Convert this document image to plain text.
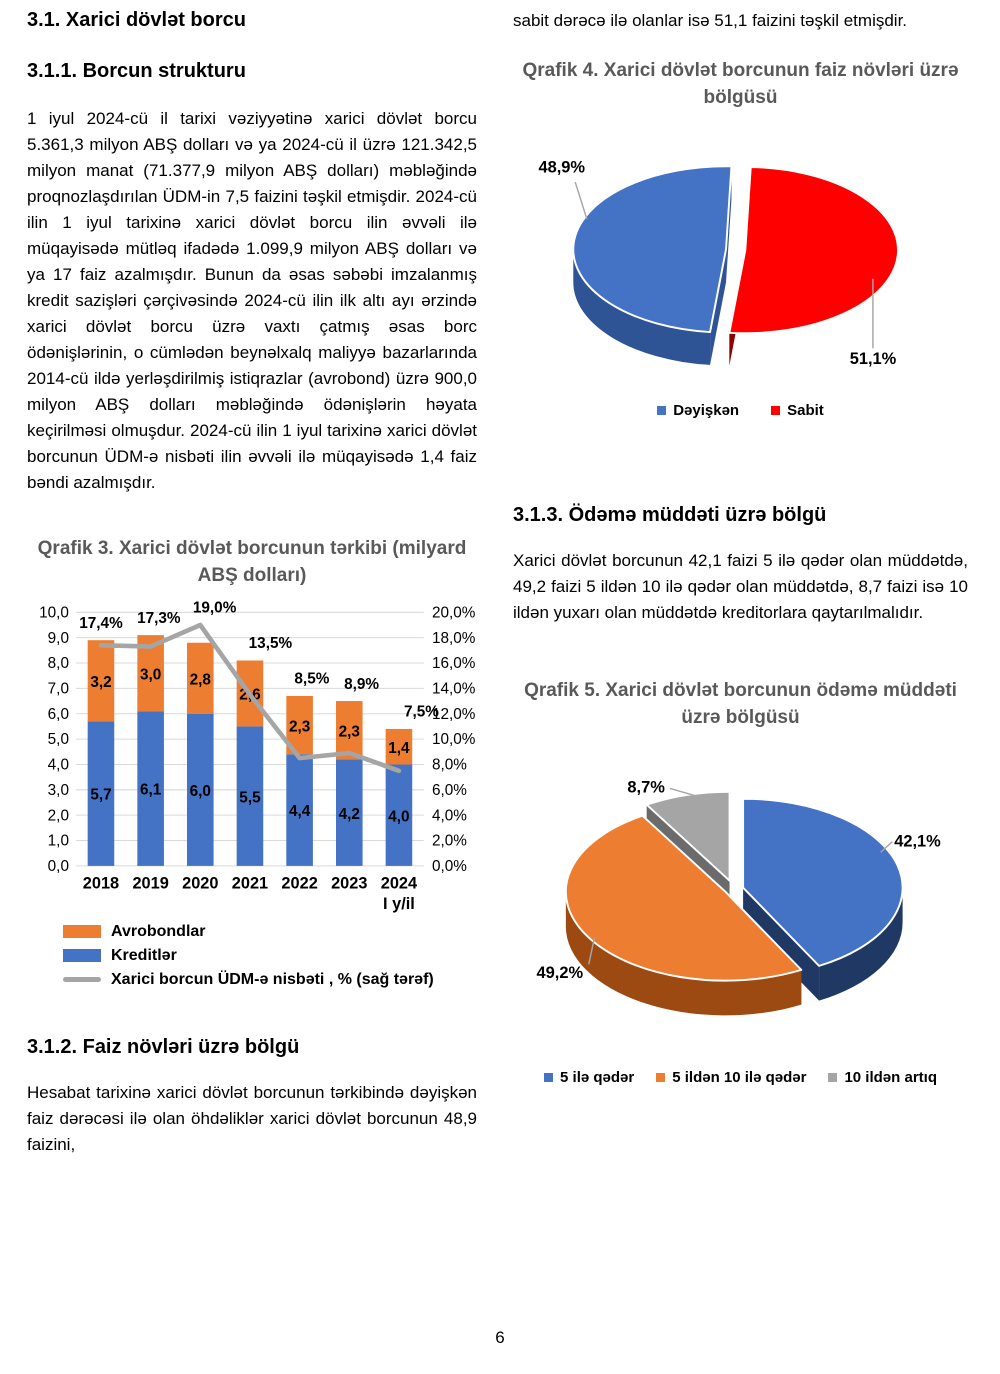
3.1. Xarici dövlət borcu
3.1.1. Borcun strukturu

1 iyul 2024-cü il tarixi vəziyyətinə xarici dövlət borcu 5.361,3 milyon ABŞ dolları və ya 2024-cü il üzrə 121.342,5 milyon manat (71.377,9 milyon ABŞ dolları) məbləğində proqnozlaşdırılan ÜDM-in 7,5 faizini təşkil etmişdir. 2024-cü ilin 1 iyul tarixinə xarici dövlət borcu ilin əvvəli ilə müqayisədə mütləq ifadədə 1.099,9 milyon ABŞ dolları və ya 17 faiz azalmışdır. Bunun da əsas səbəbi imzalanmış kredit sazişləri çərçivəsində 2024-cü ilin ilk altı ayı ərzində xarici dövlət borcu üzrə vaxtı çatmış əsas borc ödənişlərinin, o cümlədən beynəlxalq maliyyə bazarlarında 2014-cü ildə yerləşdirilmiş istiqrazlar (avrobond) üzrə 900,0 milyon ABŞ dolları məbləğində ödənişlərin həyata keçirilməsi olmuşdur. 2024-cü ilin 1 iyul tarixinə xarici dövlət borcunun ÜDM-ə nisbəti ilin əvvəli ilə müqayisədə 1,4 faiz bəndi azalmışdır.

Qrafik 3. Xarici dövlət borcunun tərkibi (milyard ABŞ dolları)

10,0	20,0%
9,0	18,0%
8,0	16,0%
7,0	14,0%
6,0	12,0%
5,0	10,0%
4,0	8,0%
3,0	6,0%
2,0	4,0%
1,0	2,0%
0,0	0,0%
5,7
3,2
2018
6,1
3,0
2019
6,0
2,8
2020
5,5
2,6
2021
4,4
2,3
2022
4,2
2,3
2023
4,0
1,4
2024
I y/il
17,4% 17,3%
19,0%
13,5%
8,5% 8,9%
7,5%
Avrobondlar
Kreditlər
Xarici borcun ÜDM-ə nisbəti , % (sağ tərəf)
3.1.2. Faiz növləri üzrə bölgü

Hesabat tarixinə xarici dövlət borcunun tərkibində dəyişkən faiz dərəcəsi ilə olan öhdəliklər xarici dövlət borcunun 48,9 faizini,

sabit dərəcə ilə olanlar isə 51,1 faizini təşkil etmişdir.

Qrafik 4. Xarici dövlət borcunun faiz növləri üzrə bölgüsü

48,9%
51,1%
Dəyişkən	Sabit
3.1.3. Ödəmə müddəti üzrə bölgü

Xarici dövlət borcunun 42,1 faizi 5 ilə qədər olan müddətdə, 49,2 faizi 5 ildən 10 ilə qədər olan müddətdə, 8,7 faizi isə 10 ildən yuxarı olan müddətdə kreditorlara qaytarılmalıdır.

Qrafik 5. Xarici dövlət borcunun ödəmə müddəti üzrə bölgüsü

42,1%
49,2%
8,7%
5 ilə qədər	5 ildən 10 ilə qədər	10 ildən artıq
6
